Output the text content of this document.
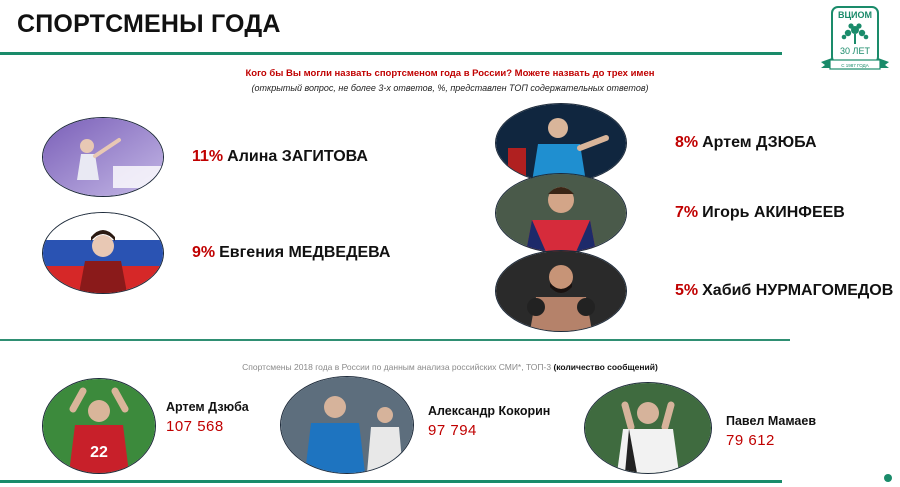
СПОРТСМЕНЫ ГОДА	ВЦИОМ
30 ЛЕТ
С 1987 ГОДА
Кого бы Вы могли назвать спортсменом года в России? Можете назвать до трех имен
(открытый вопрос, не более 3-х ответов, %, представлен ТОП содержательных ответов)
11% Алина ЗАГИТОВА
9% Евгения МЕДВЕДЕВА
8% Артем ДЗЮБА
7% Игорь АКИНФЕЕВ
5% Хабиб НУРМАГОМЕДОВ
Спортсмены 2018 года в России по данным анализа российских СМИ*, ТОП-3 (количество сообщений)
22
Артем Дзюба
107 568
Александр Кокорин
97 794
Павел Мамаев
79 612
